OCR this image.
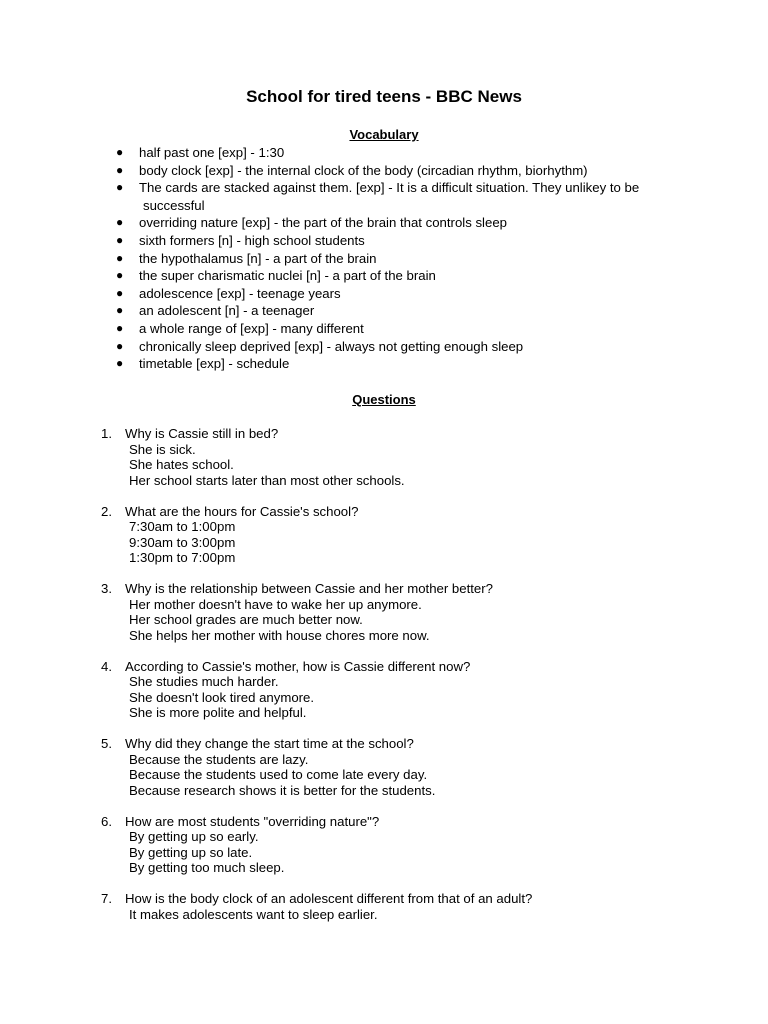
School for tired teens - BBC News
Vocabulary
● half past one [exp] - 1:30
● body clock [exp] - the internal clock of the body (circadian rhythm, biorhythm)
● The cards are stacked against them. [exp] - It is a difficult situation. They unlikey to be successful
● overriding nature [exp] - the part of the brain that controls sleep
● sixth formers [n] - high school students
● the hypothalamus [n] - a part of the brain
● the super charismatic nuclei [n] - a part of the brain
● adolescence [exp] - teenage years
● an adolescent [n] - a teenager
● a whole range of [exp] - many different
● chronically sleep deprived [exp] - always not getting enough sleep
● timetable [exp] - schedule
Questions
1. Why is Cassie still in bed?
She is sick.
She hates school.
Her school starts later than most other schools.
2. What are the hours for Cassie's school?
7:30am to 1:00pm
9:30am to 3:00pm
1:30pm to 7:00pm
3. Why is the relationship between Cassie and her mother better?
Her mother doesn't have to wake her up anymore.
Her school grades are much better now.
She helps her mother with house chores more now.
4. According to Cassie's mother, how is Cassie different now?
She studies much harder.
She doesn't look tired anymore.
She is more polite and helpful.
5. Why did they change the start time at the school?
Because the students are lazy.
Because the students used to come late every day.
Because research shows it is better for the students.
6. How are most students "overriding nature"?
By getting up so early.
By getting up so late.
By getting too much sleep.
7. How is the body clock of an adolescent different from that of an adult?
It makes adolescents want to sleep earlier.
